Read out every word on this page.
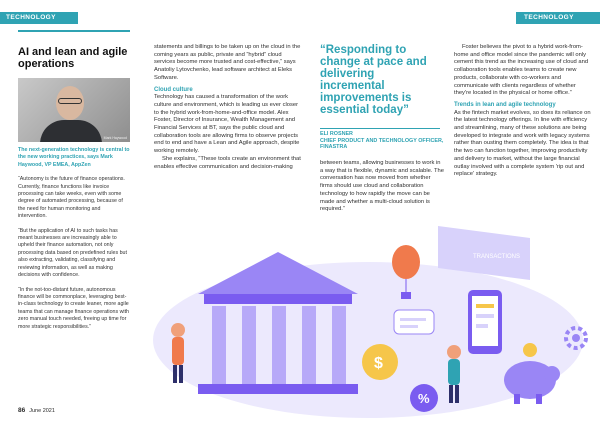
TECHNOLOGY	TECHNOLOGY
AI and lean and agile operations
Mark Haywood
The next-generation technology is central to the new working practices, says Mark Haywood, VP EMEA, AppZen
“Autonomy is the future of finance operations. Currently, finance functions like invoice processing can take weeks, even with some degree of automated processing, because of the need for human monitoring and intervention.
“But the application of AI to such tasks has meant businesses are increasingly able to upheld their finance automation, not only processing data based on predefined rules but also extracting, validating, classifying and reviewing information, as well as making decisions with confidence.
“In the not-too-distant future, autonomous finance will be commonplace, leveraging best-in-class technology to create leaner, more agile teams that can manage finance operations with zero manual touch needed, freeing up time for more strategic responsibilities.”
86 June 2021

statements and billings to be taken up on the cloud in the coming years as public, private and “hybrid” cloud services become more trusted and cost-effective,” says Anatoliy Lytovchenko, lead software architect at Eleks Software.

Cloud culture

Technology has caused a transformation of the work culture and environment, which is leading us ever closer to the hybrid work-from-home-and-office model. Alex Foster, Director of Insurance, Wealth Management and Financial Services at BT, says the public cloud and collaboration tools are allowing firms to observe projects end to end and have a Lean and Agile approach, despite working remotely.

She explains, “These tools create an environment that enables effective communication and decision-making

“Responding to change at pace and delivering incremental improvements is essential today”
ELI ROSNER
CHIEF PRODUCT AND TECHNOLOGY OFFICER, FINASTRA

between teams, allowing businesses to work in a way that is flexible, dynamic and scalable. The conversation has now moved from whether firms should use cloud and collaboration technology to how rapidly the move can be made and whether a multi-cloud solution is required.”

Foster believes the pivot to a hybrid work-from-home and office model since the pandemic will only cement this trend as the increasing use of cloud and collaboration tools enables teams to create new products, collaborate with co-workers and communicate with clients regardless of whether they're located in the physical or home office.”

Trends in lean and agile technology

As the fintech market evolves, so does its reliance on the latest technology offerings. In line with efficiency and streamlining, many of these solutions are being developed to integrate and work with legacy systems rather than ousting them completely. The idea is that the two can function together, improving productivity and delivery to market, without the large financial outlay involved with a complete system 'rip out and replace' strategy.

TRANSACTIONS
$
%
